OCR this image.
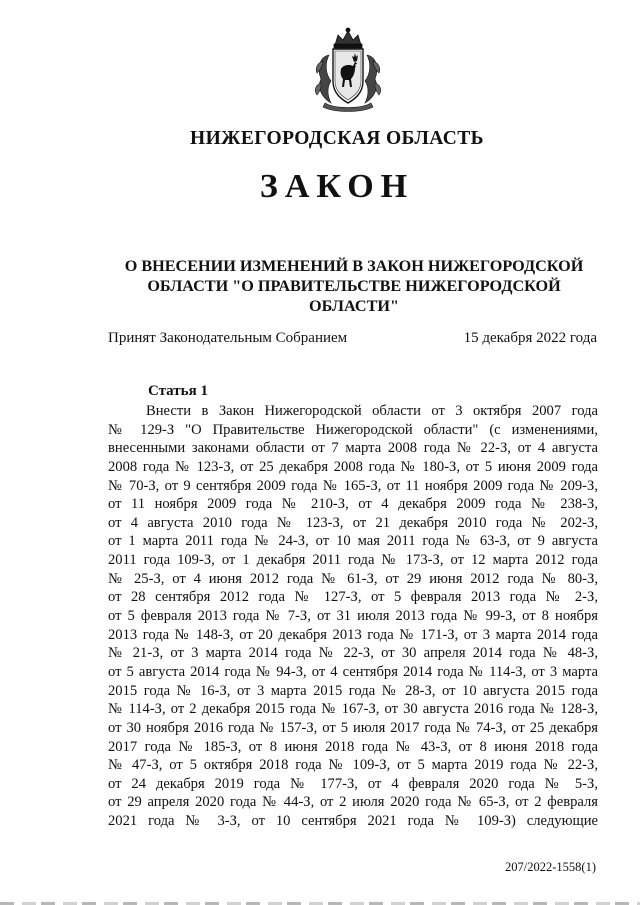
НИЖЕГОРОДСКАЯ ОБЛАСТЬ
ЗАКОН
О ВНЕСЕНИИ ИЗМЕНЕНИЙ В ЗАКОН НИЖЕГОРОДСКОЙ
ОБЛАСТИ "О ПРАВИТЕЛЬСТВЕ НИЖЕГОРОДСКОЙ ОБЛАСТИ"
Принят Законодательным Собранием	15 декабря 2022 года
Статья 1
Внести в Закон Нижегородской области от 3 октября 2007 года
№ 129-З "О Правительстве Нижегородской области" (с изменениями,
внесенными законами области от 7 марта 2008 года № 22-З, от 4 августа
2008 года № 123-З, от 25 декабря 2008 года № 180-З, от 5 июня 2009 года
№ 70-З, от 9 сентября 2009 года № 165-З, от 11 ноября 2009 года № 209-З,
от 11 ноября 2009 года № 210-З, от 4 декабря 2009 года № 238-З,
от 4 августа 2010 года № 123-З, от 21 декабря 2010 года № 202-З,
от 1 марта 2011 года № 24-З, от 10 мая 2011 года № 63-З, от 9 августа
2011 года 109-З, от 1 декабря 2011 года № 173-З, от 12 марта 2012 года
№ 25-З, от 4 июня 2012 года № 61-З, от 29 июня 2012 года № 80-З,
от 28 сентября 2012 года № 127-З, от 5 февраля 2013 года № 2-З,
от 5 февраля 2013 года № 7-З, от 31 июля 2013 года № 99-З, от 8 ноября
2013 года № 148-З, от 20 декабря 2013 года № 171-З, от 3 марта 2014 года
№ 21-З, от 3 марта 2014 года № 22-З, от 30 апреля 2014 года № 48-З,
от 5 августа 2014 года № 94-З, от 4 сентября 2014 года № 114-З, от 3 марта
2015 года № 16-З, от 3 марта 2015 года № 28-З, от 10 августа 2015 года
№ 114-З, от 2 декабря 2015 года № 167-З, от 30 августа 2016 года № 128-З,
от 30 ноября 2016 года № 157-З, от 5 июля 2017 года № 74-З, от 25 декабря
2017 года № 185-З, от 8 июня 2018 года № 43-З, от 8 июня 2018 года
№ 47-З, от 5 октября 2018 года № 109-З, от 5 марта 2019 года № 22-З,
от 24 декабря 2019 года № 177-З, от 4 февраля 2020 года № 5-З,
от 29 апреля 2020 года № 44-З, от 2 июля 2020 года № 65-З, от 2 февраля
2021 года № 3-З, от 10 сентября 2021 года № 109-З) следующие
207/2022-1558(1)
